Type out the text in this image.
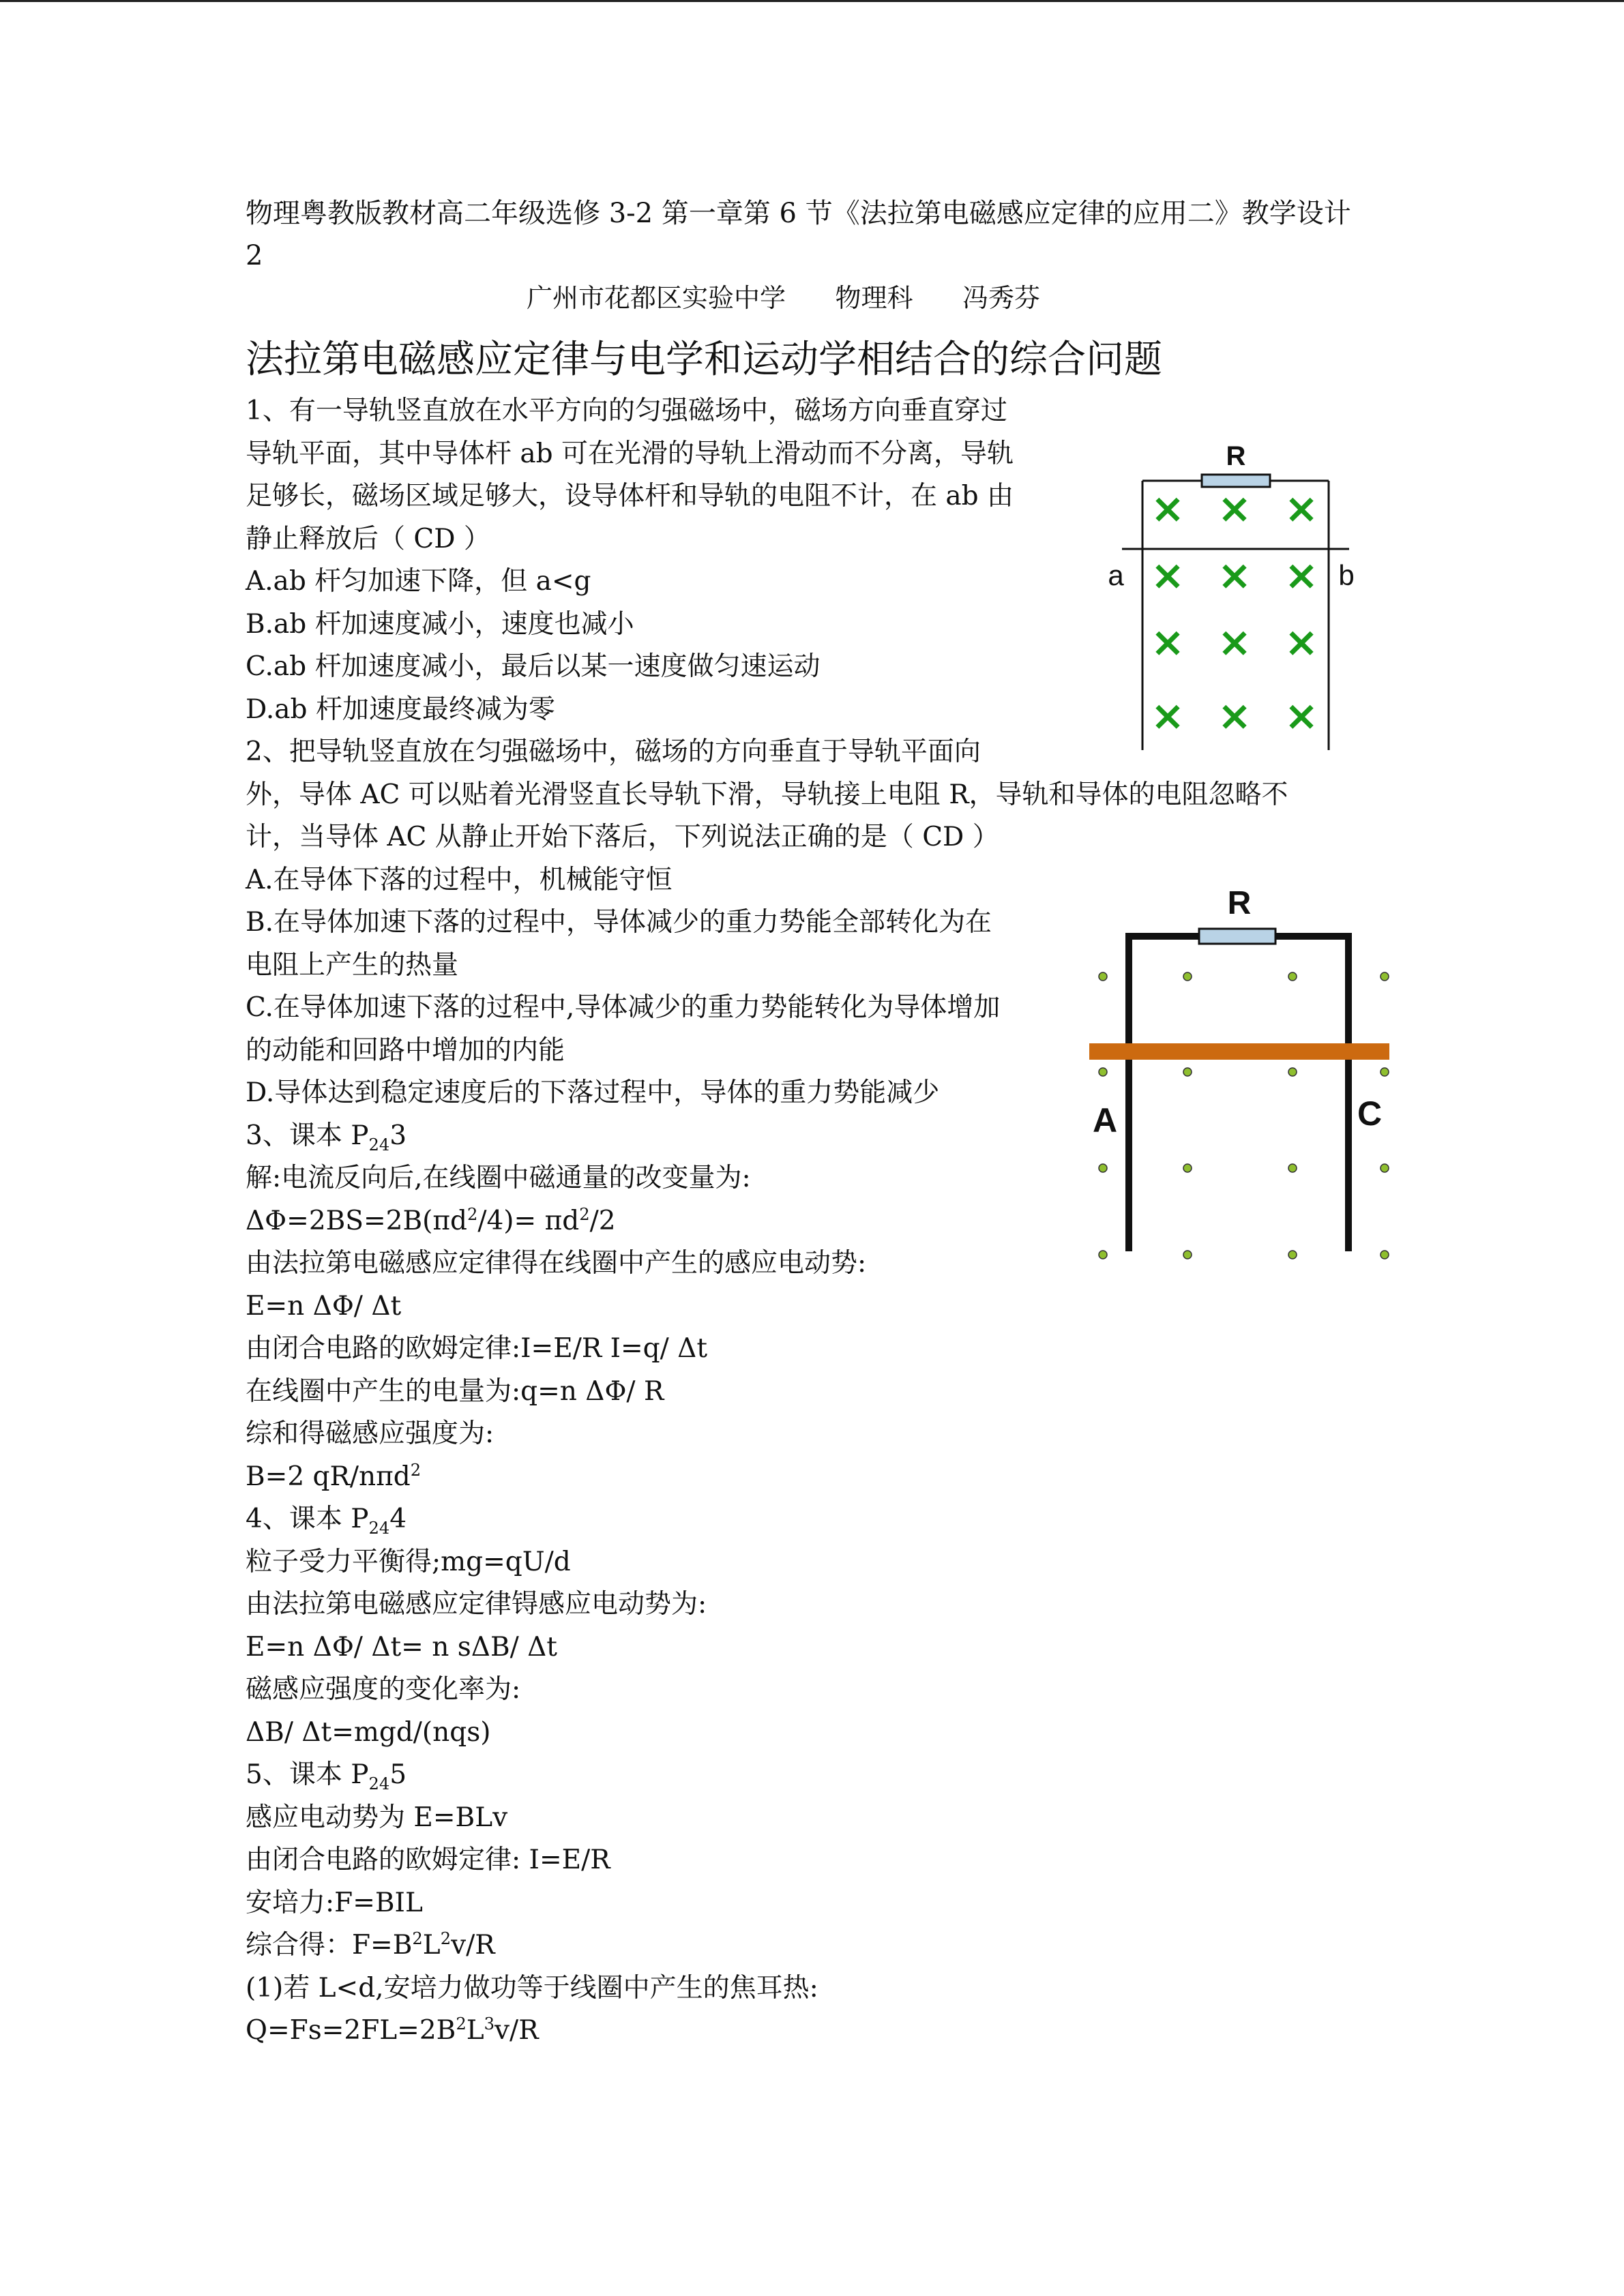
物理粤教版教材高二年级选修 3-2 第一章第 6 节《法拉第电磁感应定律的应用二》教学设计 2
广州市花都区实验中学      物理科      冯秀芬
法拉第电磁感应定律与电学和运动学相结合的综合问题
1、有一导轨竖直放在水平方向的匀强磁场中，磁场方向垂直穿过
导轨平面，其中导体杆 ab 可在光滑的导轨上滑动而不分离，导轨
足够长，磁场区域足够大，设导体杆和导轨的电阻不计，在 ab 由
静止释放后（ CD ）
A.ab 杆匀加速下降，但 a<g
B.ab 杆加速度减小，速度也减小
C.ab 杆加速度减小，最后以某一速度做匀速运动
D.ab 杆加速度最终减为零
2、把导轨竖直放在匀强磁场中，磁场的方向垂直于导轨平面向
外，导体 AC 可以贴着光滑竖直长导轨下滑，导轨接上电阻 R，导轨和导体的电阻忽略不
计，当导体 AC 从静止开始下落后，下列说法正确的是（ CD ）
A.在导体下落的过程中，机械能守恒
B.在导体加速下落的过程中，导体减少的重力势能全部转化为在
电阻上产生的热量
C.在导体加速下落的过程中,导体减少的重力势能转化为导体增加
的动能和回路中增加的内能
D.导体达到稳定速度后的下落过程中，导体的重力势能减少
3、课本 $P_{24}3$
解:电流反向后,在线圈中磁通量的改变量为:
$\Delta\Phi=2BS=2B(\pi d^2/4)= \pi d^2/2$
由法拉第电磁感应定律得在线圈中产生的感应电动势:
E=n ΔΦ/ Δt
由闭合电路的欧姆定律:I=E/R I=q/ Δt
在线圈中产生的电量为:q=n ΔΦ/ R
综和得磁感应强度为:
B=2 qR/nπd$^2$
4、课本 $P_{24}4$
粒子受力平衡得;mg=qU/d
由法拉第电磁感应定律锝感应电动势为:
E=n ΔΦ/ Δt= n sΔB/ Δt
磁感应强度的变化率为:
ΔB/ Δt=mgd/(nqs)
5、课本 $P_{24}5$
感应电动势为 E=BLv
由闭合电路的欧姆定律: I=E/R
安培力:F=BIL
综合得：$F=B^2L^2v/R$
(1)若 L<d,安培力做功等于线圈中产生的焦耳热:
$Q=Fs=2FL=2B^2L^3v/R$
R
a	b
× × ×
× × ×
× × ×
× × ×
R
A	C
